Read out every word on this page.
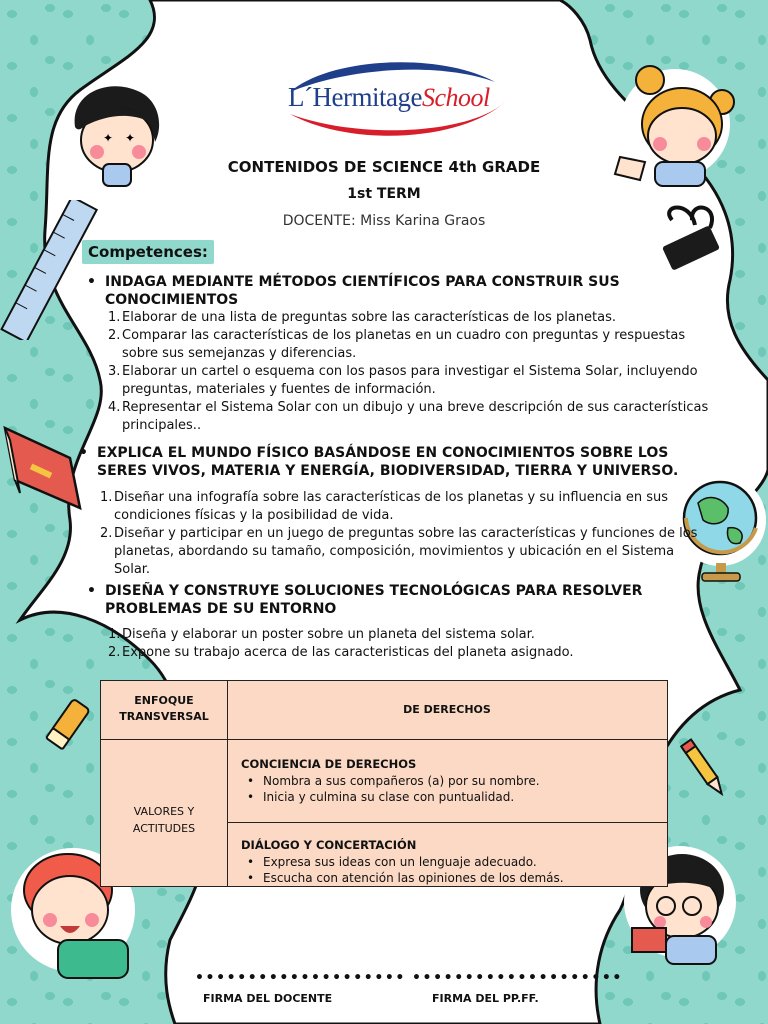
✦ ✦
L´HermitageSchool
CONTENIDOS DE SCIENCE 4th GRADE
1st TERM
DOCENTE: Miss Karina Graos
Competences:
• INDAGA MEDIANTE MÉTODOS CIENTÍFICOS PARA CONSTRUIR SUS
CONOCIMIENTOS
1. Elaborar de una lista de preguntas sobre las características de los planetas.
2. Comparar las características de los planetas en un cuadro con preguntas y respuestas
sobre sus semejanzas y diferencias.
3. Elaborar un cartel o esquema con los pasos para investigar el Sistema Solar, incluyendo
preguntas, materiales y fuentes de información.
4. Representar el Sistema Solar con un dibujo y una breve descripción de sus características
principales..
• EXPLICA EL MUNDO FÍSICO BASÁNDOSE EN CONOCIMIENTOS SOBRE LOS
SERES VIVOS, MATERIA Y ENERGÍA, BIODIVERSIDAD, TIERRA Y UNIVERSO.
1. Diseñar una infografía sobre las características de los planetas y su influencia en sus
condiciones físicas y la posibilidad de vida.
2. Diseñar y participar en un juego de preguntas sobre las características y funciones de los
planetas, abordando su tamaño, composición, movimientos y ubicación en el Sistema
Solar.
• DISEÑA Y CONSTRUYE SOLUCIONES TECNOLÓGICAS PARA RESOLVER
PROBLEMAS DE SU ENTORNO
1. Diseña y elaborar un poster sobre un planeta del sistema solar.
2. Expone su trabajo acerca de las caracteristicas del planeta asignado.
ENFOQUE
TRANSVERSAL
DE DERECHOS
VALORES Y
ACTITUDES
CONCIENCIA DE DERECHOS
• Nombra a sus compañeros (a) por su nombre.
• Inicia y culmina su clase con puntualidad.
DIÁLOGO Y CONCERTACIÓN
• Expresa sus ideas con un lenguaje adecuado.
• Escucha con atención las opiniones de los demás.
•••••••••••••••••••• ••••••••••••••••••••
FIRMA DEL DOCENTE	FIRMA DEL PP.FF.
